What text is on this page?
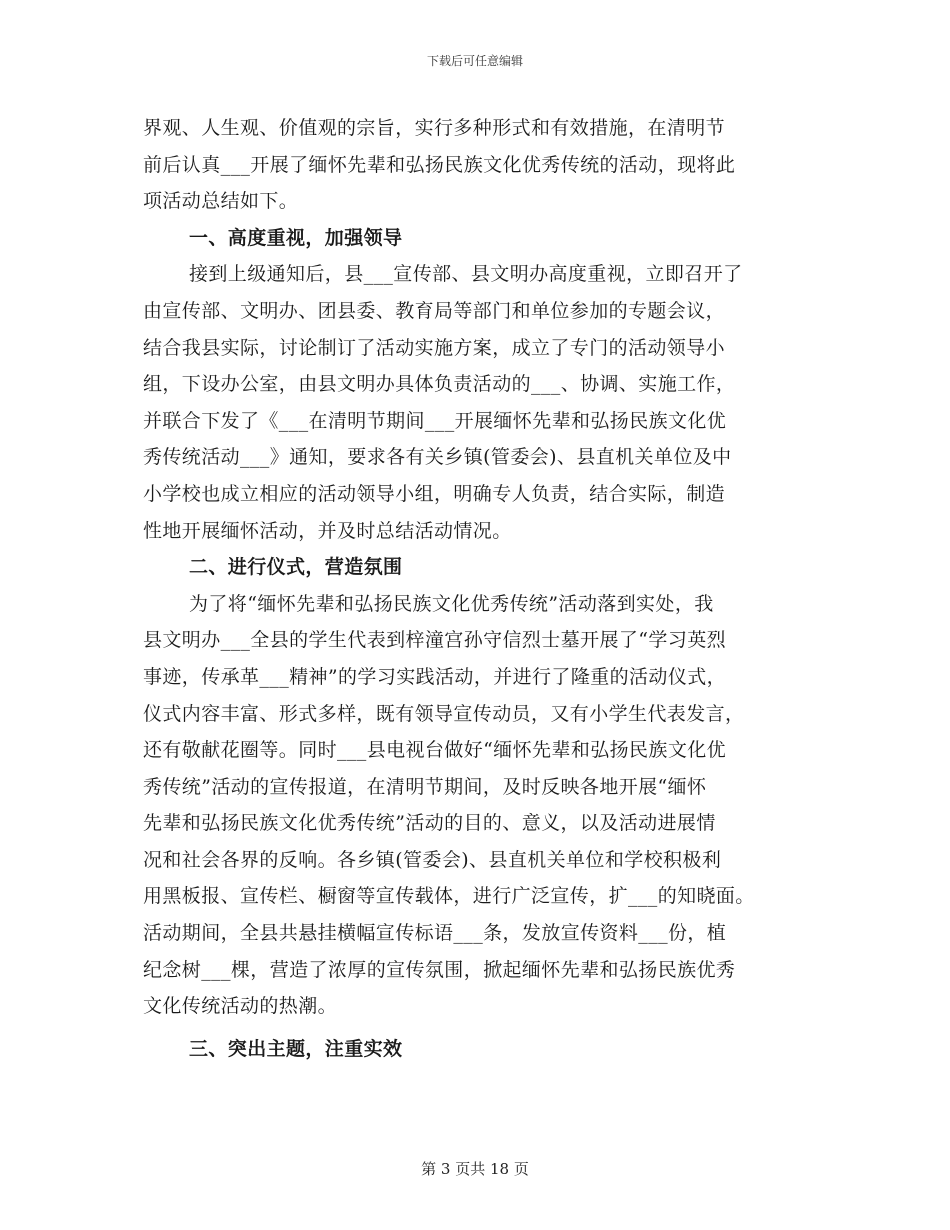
下载后可任意编辑
界观、人生观、价值观的宗旨，实行多种形式和有效措施，在清明节
前后认真___开展了缅怀先辈和弘扬民族文化优秀传统的活动，现将此
项活动总结如下。
一、高度重视，加强领导
接到上级通知后，县___宣传部、县文明办高度重视，立即召开了
由宣传部、文明办、团县委、教育局等部门和单位参加的专题会议，
结合我县实际，讨论制订了活动实施方案，成立了专门的活动领导小
组，下设办公室，由县文明办具体负责活动的___、协调、实施工作，
并联合下发了《___在清明节期间___开展缅怀先辈和弘扬民族文化优
秀传统活动___》通知，要求各有关乡镇(管委会)、县直机关单位及中
小学校也成立相应的活动领导小组，明确专人负责，结合实际，制造
性地开展缅怀活动，并及时总结活动情况。
二、进行仪式，营造氛围
为了将“缅怀先辈和弘扬民族文化优秀传统”活动落到实处，我
县文明办___全县的学生代表到梓潼宫孙守信烈士墓开展了“学习英烈
事迹，传承革___精神”的学习实践活动，并进行了隆重的活动仪式，
仪式内容丰富、形式多样，既有领导宣传动员，又有小学生代表发言，
还有敬献花圈等。同时___县电视台做好“缅怀先辈和弘扬民族文化优
秀传统”活动的宣传报道，在清明节期间，及时反映各地开展“缅怀
先辈和弘扬民族文化优秀传统”活动的目的、意义，以及活动进展情
况和社会各界的反响。各乡镇(管委会)、县直机关单位和学校积极利
用黑板报、宣传栏、橱窗等宣传载体，进行广泛宣传，扩___的知晓面。
活动期间，全县共悬挂横幅宣传标语___条，发放宣传资料___份，植
纪念树___棵，营造了浓厚的宣传氛围，掀起缅怀先辈和弘扬民族优秀
文化传统活动的热潮。
三、突出主题，注重实效
第 3 页共 18 页
